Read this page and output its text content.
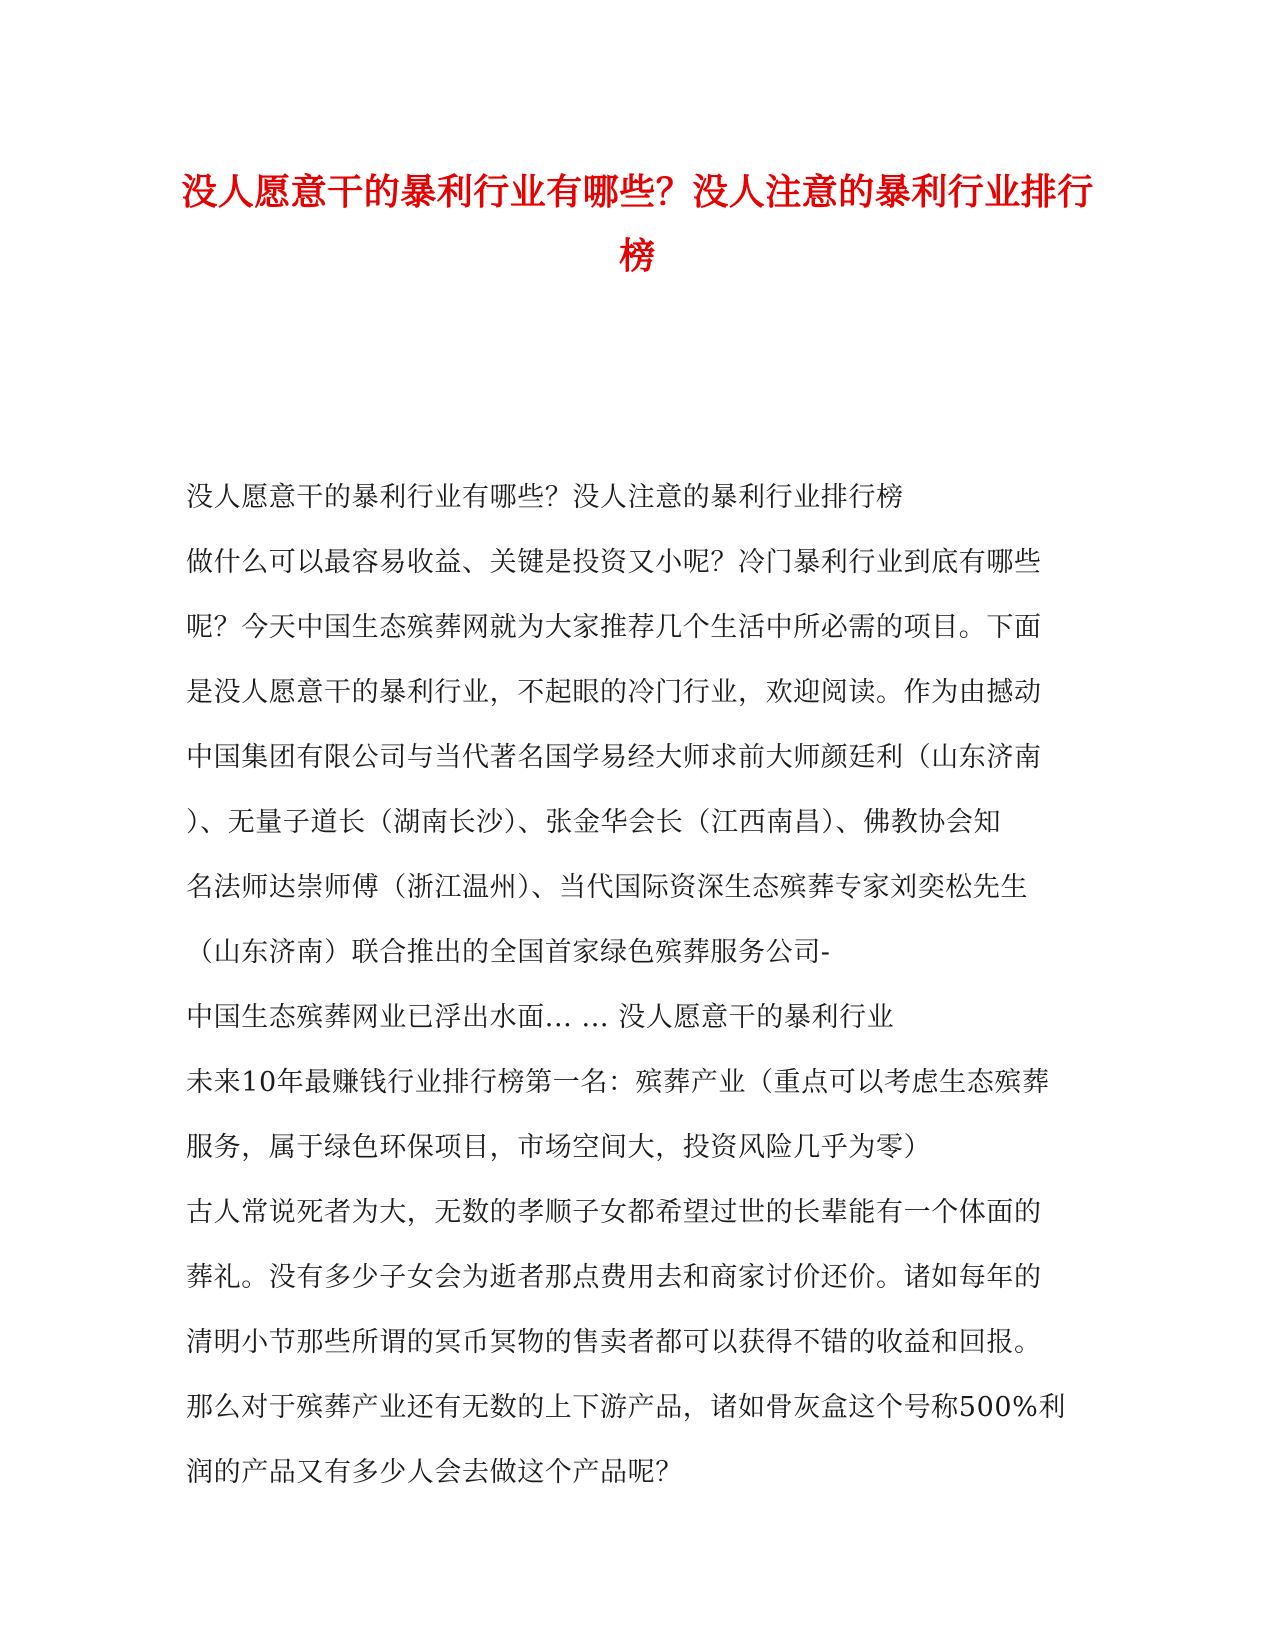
没人愿意干的暴利行业有哪些？没人注意的暴利行业排行榜
没人愿意干的暴利行业有哪些？没人注意的暴利行业排行榜
做什么可以最容易收益、关键是投资又小呢？冷门暴利行业到底有哪些
呢？今天中国生态殡葬网就为大家推荐几个生活中所必需的项目。下面
是没人愿意干的暴利行业，不起眼的冷门行业，欢迎阅读。作为由撼动
中国集团有限公司与当代著名国学易经大师求前大师颜廷利（山东济南
）、无量子道长（湖南长沙）、张金华会长（江西南昌）、佛教协会知
名法师达崇师傅（浙江温州）、当代国际资深生态殡葬专家刘奕松先生
（山东济南）联合推出的全国首家绿色殡葬服务公司-
中国生态殡葬网业已浮出水面... ... 没人愿意干的暴利行业
未来10年最赚钱行业排行榜第一名：殡葬产业（重点可以考虑生态殡葬
服务，属于绿色环保项目，市场空间大，投资风险几乎为零）
古人常说死者为大，无数的孝顺子女都希望过世的长辈能有一个体面的
葬礼。没有多少子女会为逝者那点费用去和商家讨价还价。诸如每年的
清明小节那些所谓的冥币冥物的售卖者都可以获得不错的收益和回报。
那么对于殡葬产业还有无数的上下游产品，诸如骨灰盒这个号称500%利
润的产品又有多少人会去做这个产品呢？
